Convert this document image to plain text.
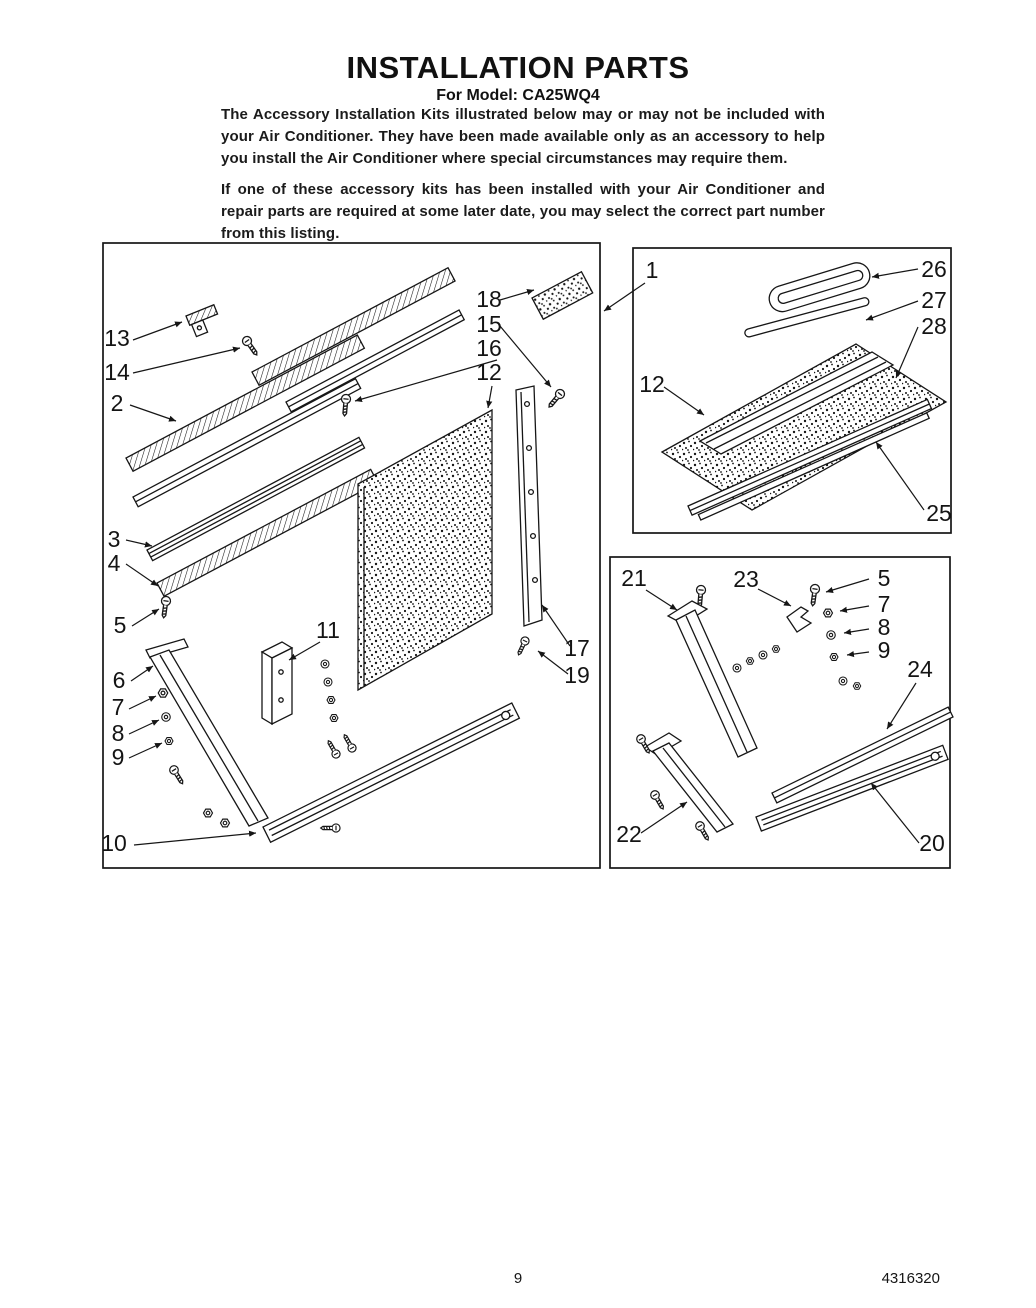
INSTALLATION PARTS
For Model: CA25WQ4

The Accessory Installation Kits illustrated below may or may not be included with your Air Conditioner. They have been made available only as an accessory to help you install the Air Conditioner where special circumstances may require them.

If one of these accessory kits has been installed with your Air Conditioner and repair parts are required at some later date, you may select the correct part number from this listing.

13
14
2
3
4
5
6
7
8
9
10
11
18
15
16
12
17
19
1	26
27
28
12
25
21	23	5
7
8
9
24
22	20
9	4316320
